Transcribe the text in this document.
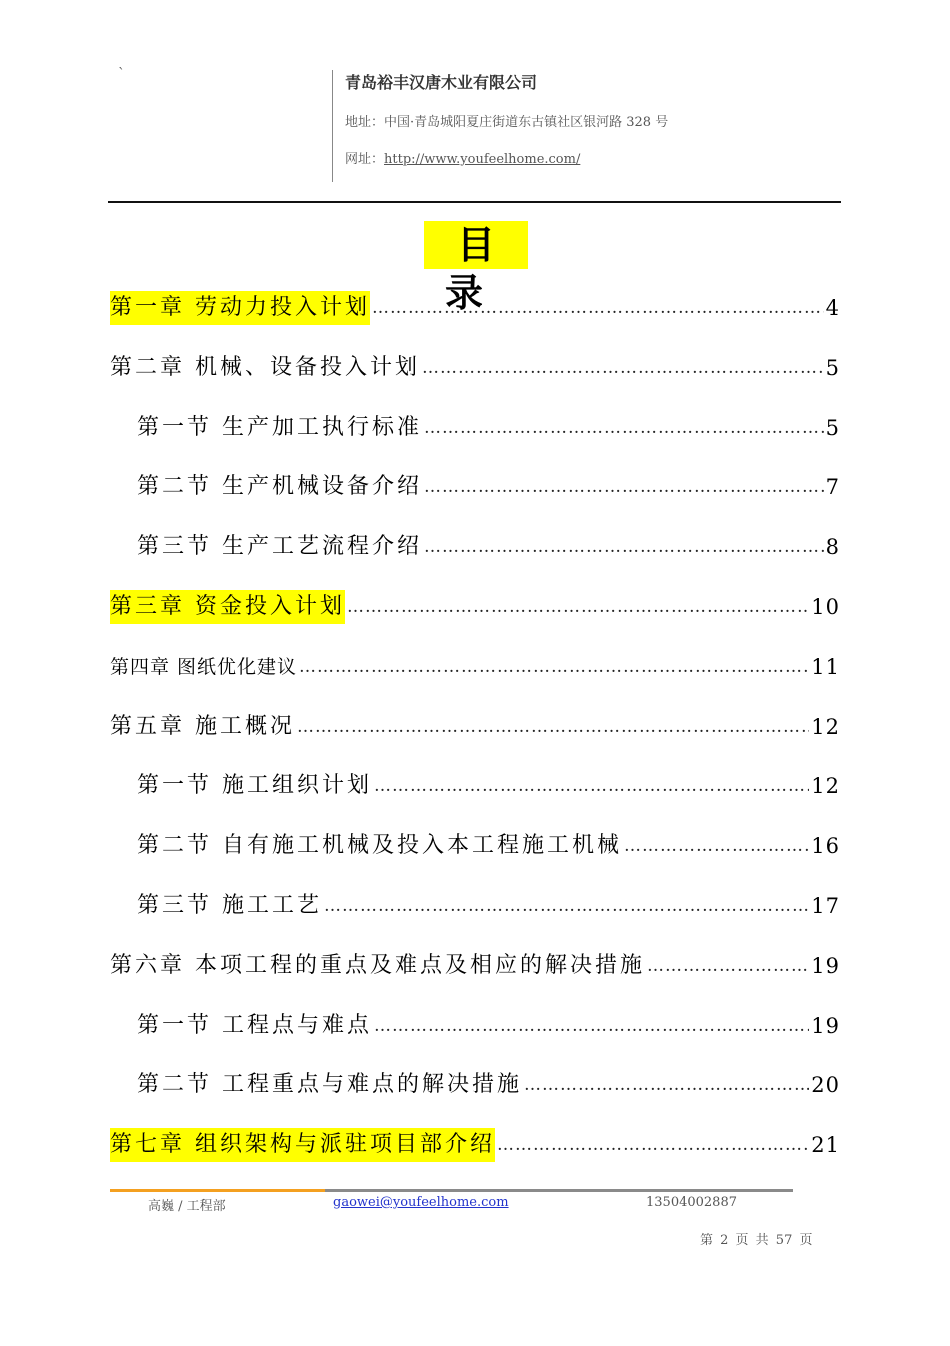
`	青岛裕丰汉唐木业有限公司
地址：中国·青岛城阳夏庄街道东古镇社区银河路 328 号
网址：http://www.youfeelhome.com/
目 录
第一章 劳动力投入计划 ………………………………………………………………………………………………………………………………………………	4
第二章 机械、设备投入计划 ………………………………………………………………………………………………………………………………………………	5
第一节 生产加工执行标准 ………………………………………………………………………………………………………………………………………………	5
第二节 生产机械设备介绍 ………………………………………………………………………………………………………………………………………………	7
第三节 生产工艺流程介绍 ………………………………………………………………………………………………………………………………………………	8
第三章 资金投入计划 ………………………………………………………………………………………………………………………………………………	10
第四章 图纸优化建议 ………………………………………………………………………………………………………………………………………………	11
第五章 施工概况 ………………………………………………………………………………………………………………………………………………	12
第一节 施工组织计划 ………………………………………………………………………………………………………………………………………………	12
第二节 自有施工机械及投入本工程施工机械 ………………………………………………………………………………………………………………………………………………	16
第三节 施工工艺 ………………………………………………………………………………………………………………………………………………	17
第六章 本项工程的重点及难点及相应的解决措施 ………………………………………………………………………………………………………………………………………………	19
第一节 工程点与难点 ………………………………………………………………………………………………………………………………………………	19
第二节 工程重点与难点的解决措施 ………………………………………………………………………………………………………………………………………………	20
第七章 组织架构与派驻项目部介绍 ………………………………………………………………………………………………………………………………………………	21
高巍 / 工程部	gaowei@youfeelhome.com	13504002887
第 2 页 共 57 页
